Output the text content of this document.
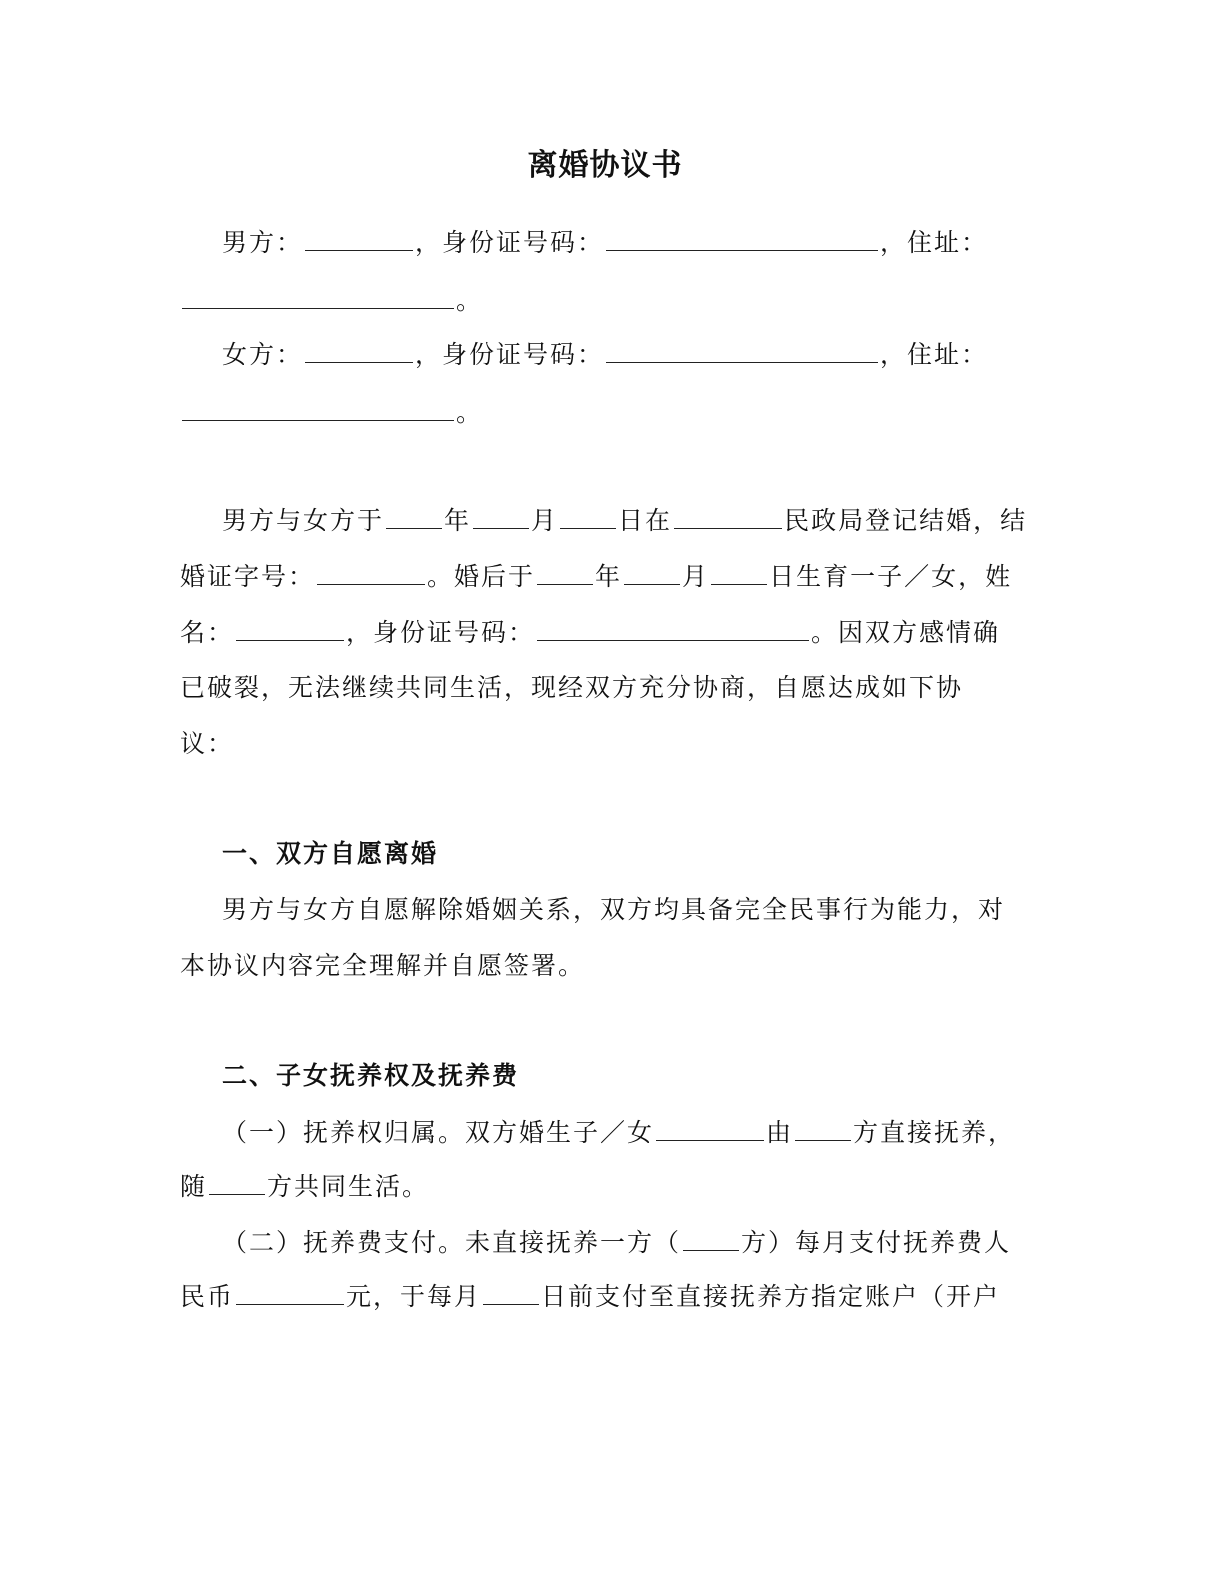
离婚协议书
男方：	，身份证号码：	，住址：
。
女方：	，身份证号码：	，住址：
。
男方与女方于 年 月 日在	民政局登记结婚，结
婚证字号：	。婚后于 年 月 日生育一子／女，姓
名：	，身份证号码：	。因双方感情确
已破裂，无法继续共同生活，现经双方充分协商，自愿达成如下协
议：
一、双方自愿离婚
男方与女方自愿解除婚姻关系，双方均具备完全民事行为能力，对
本协议内容完全理解并自愿签署。
二、子女抚养权及抚养费
（一）抚养权归属。双方婚生子／女	由 方直接抚养，
随 方共同生活。
（二）抚养费支付。未直接抚养一方（ 方）每月支付抚养费人
民币	元，于每月 日前支付至直接抚养方指定账户（开户
